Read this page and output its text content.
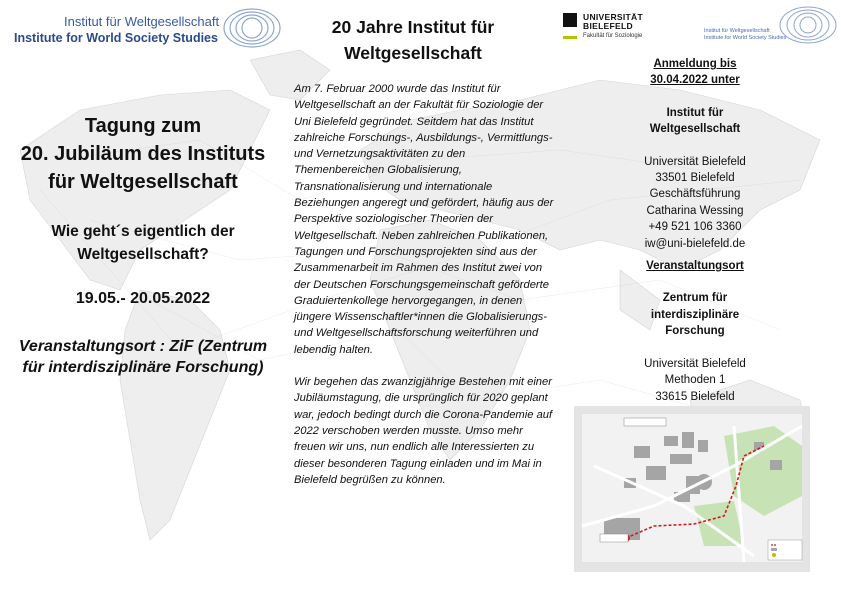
Institut für Weltgesellschaft
Institute for World Society Studies
20 Jahre Institut für
Weltgesellschaft
UNIVERSITÄT
BIELEFELD
Fakultät für Soziologie
Institut für Weltgesellschaft
Institute for World Society Studies
Tagung zum
20. Jubiläum des Instituts
für Weltgesellschaft
Wie geht´s eigentlich der
Weltgesellschaft?
19.05.- 20.05.2022
Veranstaltungsort : ZiF (Zentrum
für interdisziplinäre Forschung)

Am 7. Februar 2000 wurde das Institut für Weltgesellschaft an der Fakultät für Soziologie der Uni Bielefeld gegründet. Seitdem hat das Institut zahlreiche Forschungs-, Ausbildungs-, Vermittlungs- und Vernetzungsaktivitäten zu den Themenbereichen Globalisierung, Transnationalisierung und internationale Beziehungen angeregt und gefördert, häufig aus der Perspektive soziologischer Theorien der Weltgesellschaft. Neben zahlreichen Publikationen, Tagungen und Forschungsprojekten sind aus der Zusammenarbeit im Rahmen des Institut zwei von der Deutschen Forschungsgemeinschaft geförderte Graduiertenkollege hervorgegangen, in denen jüngere Wissenschaftler*innen die Globalisierungs- und Weltgesellschaftsforschung weiterführen und lebendig halten.

Wir begehen das zwanzigjährige Bestehen mit einer Jubiläumstagung, die ursprünglich für 2020 geplant war, jedoch bedingt durch die Corona-Pandemie auf 2022 verschoben werden musste. Umso mehr freuen wir uns, nun endlich alle Interessierten zu dieser besonderen Tagung einladen und im Mai in Bielefeld begrüßen zu können.

Anmeldung bis
30.04.2022 unter
Institut für
Weltgesellschaft
Universität Bielefeld
33501 Bielefeld
Geschäftsführung
Catharina Wessing
+49 521 106 3360
iw@uni-bielefeld.de
Veranstaltungsort
Zentrum für
interdisziplinäre
Forschung
Universität Bielefeld
Methoden 1
33615 Bielefeld
